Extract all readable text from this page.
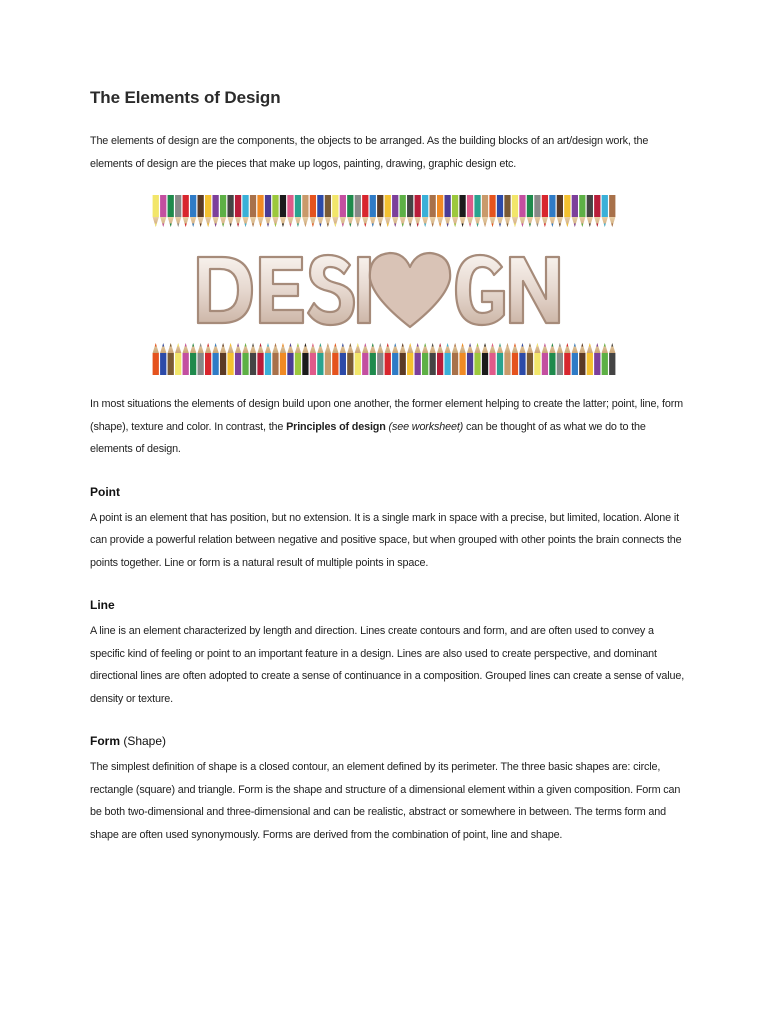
The Elements of Design

The elements of design are the components, the objects to be arranged. As the building blocks of an art/design work, the elements of design are the pieces that make up logos, painting, drawing, graphic design etc.

In most situations the elements of design build upon one another, the former element helping to create the latter; point, line, form (shape), texture and color. In contrast, the Principles of design (see worksheet) can be thought of as what we do to the elements of design.

Point

A point is an element that has position, but no extension. It is a single mark in space with a precise, but limited, location. Alone it can provide a powerful relation between negative and positive space, but when grouped with other points the brain connects the points together. Line or form is a natural result of multiple points in space.

Line

A line is an element characterized by length and direction. Lines create contours and form, and are often used to convey a specific kind of feeling or point to an important feature in a design. Lines are also used to create perspective, and dominant directional lines are often adopted to create a sense of continuance in a composition. Grouped lines can create a sense of value, density or texture.

Form (Shape)

The simplest definition of shape is a closed contour, an element defined by its perimeter. The three basic shapes are: circle, rectangle (square) and triangle. Form is the shape and structure of a dimensional element within a given composition. Form can be both two-dimensional and three-dimensional and can be realistic, abstract or somewhere in between. The terms form and shape are often used synonymously. Forms are derived from the combination of point, line and shape.
